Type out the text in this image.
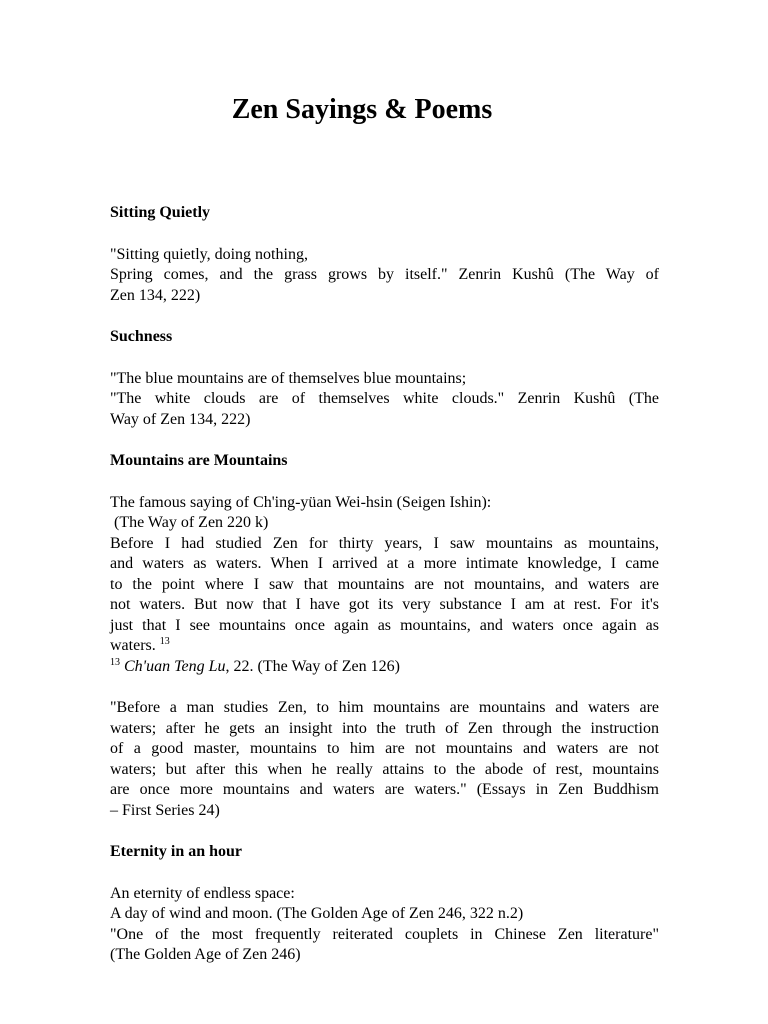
Zen Sayings & Poems
Sitting Quietly
"Sitting quietly, doing nothing,
Spring comes, and the grass grows by itself." Zenrin Kushû (The Way of
Zen 134, 222)
Suchness
"The blue mountains are of themselves blue mountains;
"The white clouds are of themselves white clouds." Zenrin Kushû (The
Way of Zen 134, 222)
Mountains are Mountains
The famous saying of Ch'ing-yüan Wei-hsin (Seigen Ishin):
(The Way of Zen 220 k)
Before I had studied Zen for thirty years, I saw mountains as mountains,
and waters as waters. When I arrived at a more intimate knowledge, I came
to the point where I saw that mountains are not mountains, and waters are
not waters. But now that I have got its very substance I am at rest. For it's
just that I see mountains once again as mountains, and waters once again as
waters. $^{13}$
$^{13}$ Ch'uan Teng Lu, 22. (The Way of Zen 126)
"Before a man studies Zen, to him mountains are mountains and waters are
waters; after he gets an insight into the truth of Zen through the instruction
of a good master, mountains to him are not mountains and waters are not
waters; but after this when he really attains to the abode of rest, mountains
are once more mountains and waters are waters." (Essays in Zen Buddhism
– First Series 24)
Eternity in an hour
An eternity of endless space:
A day of wind and moon. (The Golden Age of Zen 246, 322 n.2)
"One of the most frequently reiterated couplets in Chinese Zen literature"
(The Golden Age of Zen 246)
